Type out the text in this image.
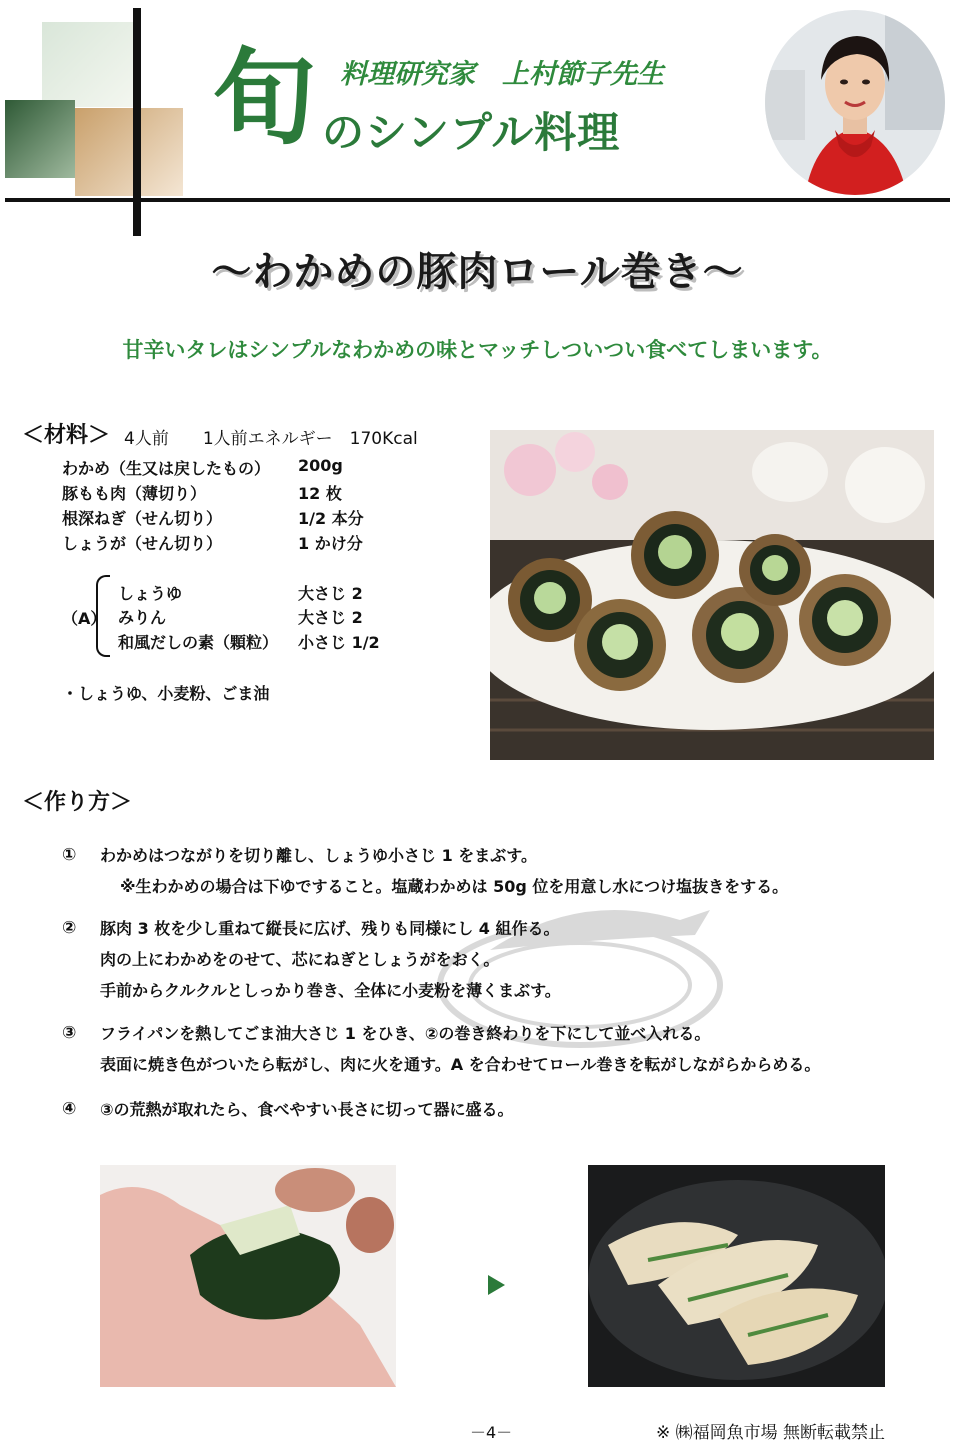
旬 料理研究家　上村節子先生
のシンプル料理
～わかめの豚肉ロール巻き～
甘辛いタレはシンプルなわかめの味とマッチしついつい食べてしまいます。
＜材料＞ 4人前　　1人前エネルギー　170Kcal
わかめ（生又は戻したもの） 200g
豚もも肉（薄切り）	12 枚
根深ねぎ（せん切り）	1/2 本分
しょうが（せん切り）	1 かけ分
（A）
しょうゆ	大さじ 2
みりん	大さじ 2
和風だしの素（顆粒） 小さじ 1/2
・しょうゆ、小麦粉、ごま油
＜作り方＞
① わかめはつながりを切り離し、しょうゆ小さじ 1 をまぶす。
※生わかめの場合は下ゆですること。塩蔵わかめは 50g 位を用意し水につけ塩抜きをする。
② 豚肉 3 枚を少し重ねて縦長に広げ、残りも同様にし 4 組作る。
肉の上にわかめをのせて、芯にねぎとしょうがをおく。
手前からクルクルとしっかり巻き、全体に小麦粉を薄くまぶす。
③ フライパンを熱してごま油大さじ 1 をひき、②の巻き終わりを下にして並べ入れる。
表面に焼き色がついたら転がし、肉に火を通す。A を合わせてロール巻きを転がしながらからめる。
④ ③の荒熱が取れたら、食べやすい長さに切って器に盛る。
－4－	※ ㈱福岡魚市場 無断転載禁止
